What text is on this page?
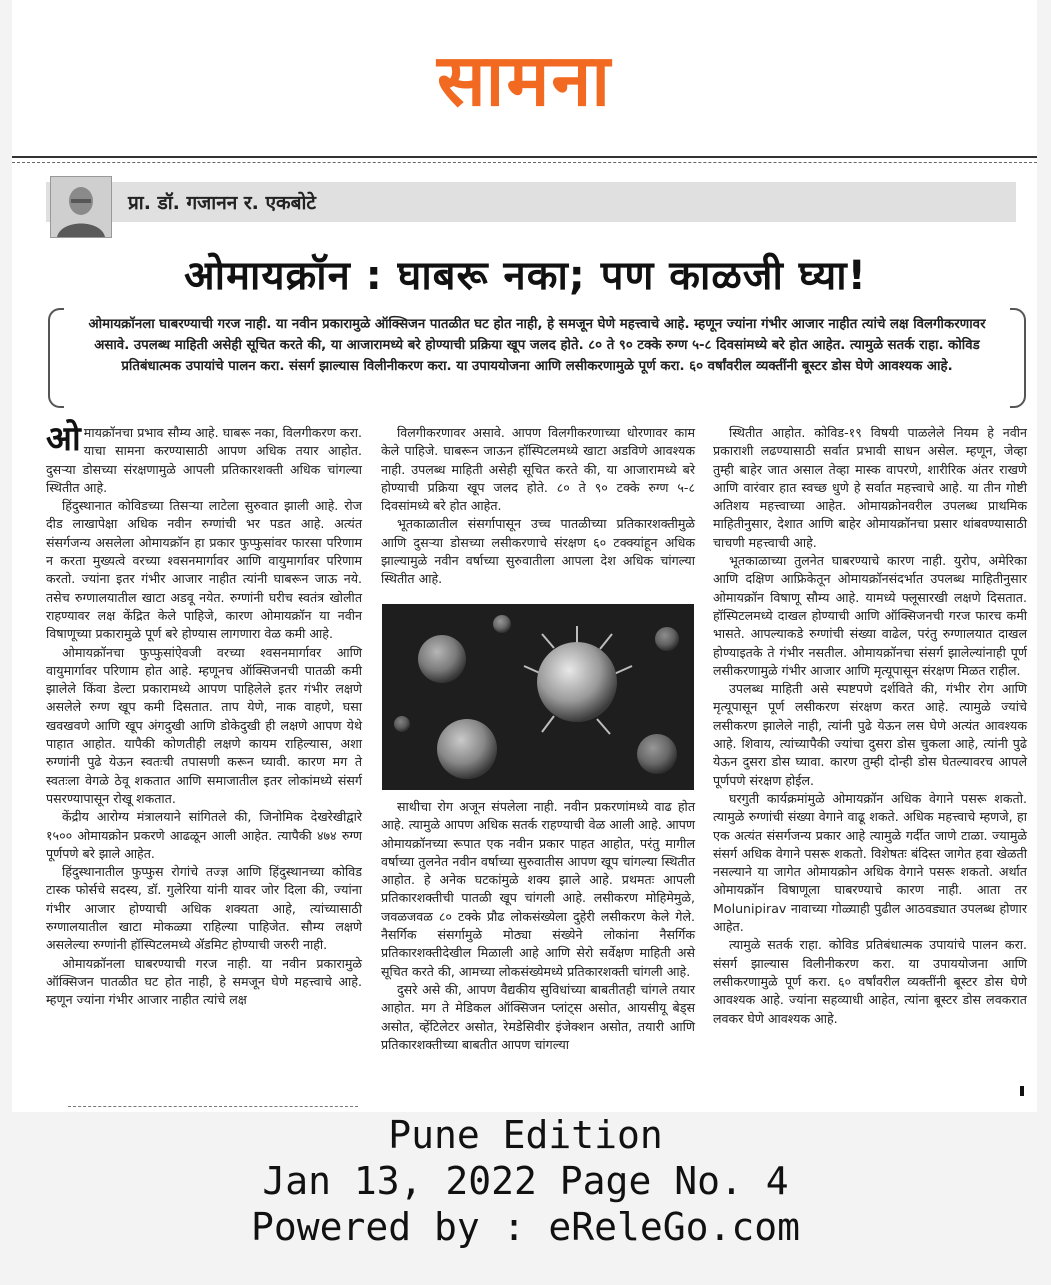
सामना
प्रा. डॉ. गजानन र. एकबोटे
ओमायक्रॉन : घाबरू नका; पण काळजी घ्या!
ओमायक्रॉनला घाबरण्याची गरज नाही. या नवीन प्रकारामुळे ऑक्सिजन पातळीत घट होत नाही, हे समजून घेणे महत्त्वाचे आहे. म्हणून ज्यांना गंभीर आजार नाहीत त्यांचे लक्ष विलगीकरणावर असावे. उपलब्ध माहिती असेही सूचित करते की, या आजारामध्ये बरे होण्याची प्रक्रिया खूप जलद होते. ८० ते ९० टक्के रुग्ण ५-८ दिवसांमध्ये बरे होत आहेत. त्यामुळे सतर्क राहा. कोविड प्रतिबंधात्मक उपायांचे पालन करा. संसर्ग झाल्यास विलीनीकरण करा. या उपाययोजना आणि लसीकरणामुळे पूर्ण करा. ६० वर्षांवरील व्यक्तींनी बूस्टर डोस घेणे आवश्यक आहे.

ओमायक्रॉनचा प्रभाव सौम्य आहे. घाबरू नका, विलगीकरण करा. याचा सामना करण्यासाठी आपण अधिक तयार आहोत. दुसऱ्या डोसच्या संरक्षणामुळे आपली प्रतिकारशक्ती अधिक चांगल्या स्थितीत आहे.

हिंदुस्थानात कोविडच्या तिसऱ्या लाटेला सुरुवात झाली आहे. रोज दीड लाखापेक्षा अधिक नवीन रुग्णांची भर पडत आहे. अत्यंत संसर्गजन्य असलेला ओमायक्रॉन हा प्रकार फुप्फुसांवर फारसा परिणाम न करता मुख्यत्वे वरच्या श्वसनमार्गावर आणि वायुमार्गावर परिणाम करतो. ज्यांना इतर गंभीर आजार नाहीत त्यांनी घाबरून जाऊ नये. तसेच रुग्णालयातील खाटा अडवू नयेत. रुग्णांनी घरीच स्वतंत्र खोलीत राहण्यावर लक्ष केंद्रित केले पाहिजे, कारण ओमायक्रॉन या नवीन विषाणूच्या प्रकारामुळे पूर्ण बरे होण्यास लागणारा वेळ कमी आहे.

ओमायक्रॉनचा फुप्फुसांऐवजी वरच्या श्वसनमार्गावर आणि वायुमार्गावर परिणाम होत आहे. म्हणूनच ऑक्सिजनची पातळी कमी झालेले किंवा डेल्टा प्रकारामध्ये आपण पाहिलेले इतर गंभीर लक्षणे असलेले रुग्ण खूप कमी दिसतात. ताप येणे, नाक वाहणे, घसा खवखवणे आणि खूप अंगदुखी आणि डोकेदुखी ही लक्षणे आपण येथे पाहात आहोत. यापैकी कोणतीही लक्षणे कायम राहिल्यास, अशा रुग्णांनी पुढे येऊन स्वतःची तपासणी करून घ्यावी. कारण मग ते स्वतःला वेगळे ठेवू शकतात आणि समाजातील इतर लोकांमध्ये संसर्ग पसरण्यापासून रोखू शकतात.

केंद्रीय आरोग्य मंत्रालयाने सांगितले की, जिनोमिक देखरेखीद्वारे १५०० ओमायक्रोन प्रकरणे आढळून आली आहेत. त्यापैकी ४७४ रुग्ण पूर्णपणे बरे झाले आहेत.

हिंदुस्थानातील फुप्फुस रोगांचे तज्ज्ञ आणि हिंदुस्थानच्या कोविड टास्क फोर्सचे सदस्य, डॉ. गुलेरिया यांनी यावर जोर दिला की, ज्यांना गंभीर आजार होण्याची अधिक शक्यता आहे, त्यांच्यासाठी रुग्णालयातील खाटा मोकळ्या राहिल्या पाहिजेत. सौम्य लक्षणे असलेल्या रुग्णांनी हॉस्पिटलमध्ये ॲडमिट होण्याची जरुरी नाही.

ओमायक्रॉनला घाबरण्याची गरज नाही. या नवीन प्रकारामुळे ऑक्सिजन पातळीत घट होत नाही, हे समजून घेणे महत्त्वाचे आहे. म्हणून ज्यांना गंभीर आजार नाहीत त्यांचे लक्ष

विलगीकरणावर असावे. आपण विलगीकरणाच्या धोरणावर काम केले पाहिजे. घाबरून जाऊन हॉस्पिटलमध्ये खाटा अडविणे आवश्यक नाही. उपलब्ध माहिती असेही सूचित करते की, या आजारामध्ये बरे होण्याची प्रक्रिया खूप जलद होते. ८० ते ९० टक्के रुग्ण ५-८ दिवसांमध्ये बरे होत आहेत.

भूतकाळातील संसर्गापासून उच्च पातळीच्या प्रतिकारशक्तीमुळे आणि दुसऱ्या डोसच्या लसीकरणाचे संरक्षण ६० टक्क्यांहून अधिक झाल्यामुळे नवीन वर्षाच्या सुरुवातीला आपला देश अधिक चांगल्या स्थितीत आहे.

साथीचा रोग अजून संपलेला नाही. नवीन प्रकरणांमध्ये वाढ होत आहे. त्यामुळे आपण अधिक सतर्क राहण्याची वेळ आली आहे. आपण ओमायक्रॉनच्या रूपात एक नवीन प्रकार पाहत आहोत, परंतु मागील वर्षाच्या तुलनेत नवीन वर्षाच्या सुरुवातीस आपण खूप चांगल्या स्थितीत आहोत. हे अनेक घटकांमुळे शक्य झाले आहे. प्रथमतः आपली प्रतिकारशक्तीची पातळी खूप चांगली आहे. लसीकरण मोहिमेमुळे, जवळजवळ ८० टक्के प्रौढ लोकसंख्येला दुहेरी लसीकरण केले गेले. नैसर्गिक संसर्गामुळे मोठ्या संख्येने लोकांना नैसर्गिक प्रतिकारशक्तीदेखील मिळाली आहे आणि सेरो सर्वेक्षण माहिती असे सूचित करते की, आमच्या लोकसंख्येमध्ये प्रतिकारशक्ती चांगली आहे.

दुसरे असे की, आपण वैद्यकीय सुविधांच्या बाबतीतही चांगले तयार आहोत. मग ते मेडिकल ऑक्सिजन प्लांट्स असोत, आयसीयू बेड्स असोत, व्हेंटिलेटर असोत, रेमडेसिवीर इंजेक्शन असोत, तयारी आणि प्रतिकारशक्तीच्या बाबतीत आपण चांगल्या

स्थितीत आहोत. कोविड-१९ विषयी पाळलेले नियम हे नवीन प्रकाराशी लढण्यासाठी सर्वात प्रभावी साधन असेल. म्हणून, जेव्हा तुम्ही बाहेर जात असाल तेव्हा मास्क वापरणे, शारीरिक अंतर राखणे आणि वारंवार हात स्वच्छ धुणे हे सर्वात महत्त्वाचे आहे. या तीन गोष्टी अतिशय महत्त्वाच्या आहेत. ओमायक्रोनवरील उपलब्ध प्राथमिक माहितीनुसार, देशात आणि बाहेर ओमायक्रॉनचा प्रसार थांबवण्यासाठी चाचणी महत्त्वाची आहे.

भूतकाळाच्या तुलनेत घाबरण्याचे कारण नाही. युरोप, अमेरिका आणि दक्षिण आफ्रिकेतून ओमायक्रॉनसंदर्भात उपलब्ध माहितीनुसार ओमायक्रॉन विषाणू सौम्य आहे. यामध्ये फ्लूसारखी लक्षणे दिसतात. हॉस्पिटलमध्ये दाखल होण्याची आणि ऑक्सिजनची गरज फारच कमी भासते. आपल्याकडे रुग्णांची संख्या वाढेल, परंतु रुग्णालयात दाखल होण्याइतके ते गंभीर नसतील. ओमायक्रॉनचा संसर्ग झालेल्यांनाही पूर्ण लसीकरणामुळे गंभीर आजार आणि मृत्यूपासून संरक्षण मिळत राहील.

उपलब्ध माहिती असे स्पष्टपणे दर्शविते की, गंभीर रोग आणि मृत्यूपासून पूर्ण लसीकरण संरक्षण करत आहे. त्यामुळे ज्यांचे लसीकरण झालेले नाही, त्यांनी पुढे येऊन लस घेणे अत्यंत आवश्यक आहे. शिवाय, त्यांच्यापैकी ज्यांचा दुसरा डोस चुकला आहे, त्यांनी पुढे येऊन दुसरा डोस घ्यावा. कारण तुम्ही दोन्ही डोस घेतल्यावरच आपले पूर्णपणे संरक्षण होईल.

घरगुती कार्यक्रमांमुळे ओमायक्रॉन अधिक वेगाने पसरू शकतो. त्यामुळे रुग्णांची संख्या वेगाने वाढू शकते. अधिक महत्त्वाचे म्हणजे, हा एक अत्यंत संसर्गजन्य प्रकार आहे त्यामुळे गर्दीत जाणे टाळा. ज्यामुळे संसर्ग अधिक वेगाने पसरू शकतो. विशेषतः बंदिस्त जागेत हवा खेळती नसल्याने या जागेत ओमायक्रोन अधिक वेगाने पसरू शकतो. अर्थात ओमायक्रॉन विषाणूला घाबरण्याचे कारण नाही. आता तर Molunipirav नावाच्या गोळ्याही पुढील आठवड्यात उपलब्ध होणार आहेत.

त्यामुळे सतर्क राहा. कोविड प्रतिबंधात्मक उपायांचे पालन करा. संसर्ग झाल्यास विलीनीकरण करा. या उपाययोजना आणि लसीकरणामुळे पूर्ण करा. ६० वर्षांवरील व्यक्तींनी बूस्टर डोस घेणे आवश्यक आहे. ज्यांना सहव्याधी आहेत, त्यांना बूस्टर डोस लवकरात लवकर घेणे आवश्यक आहे.

Pune Edition
Jan 13, 2022 Page No. 4
Powered by : eReleGo.com
